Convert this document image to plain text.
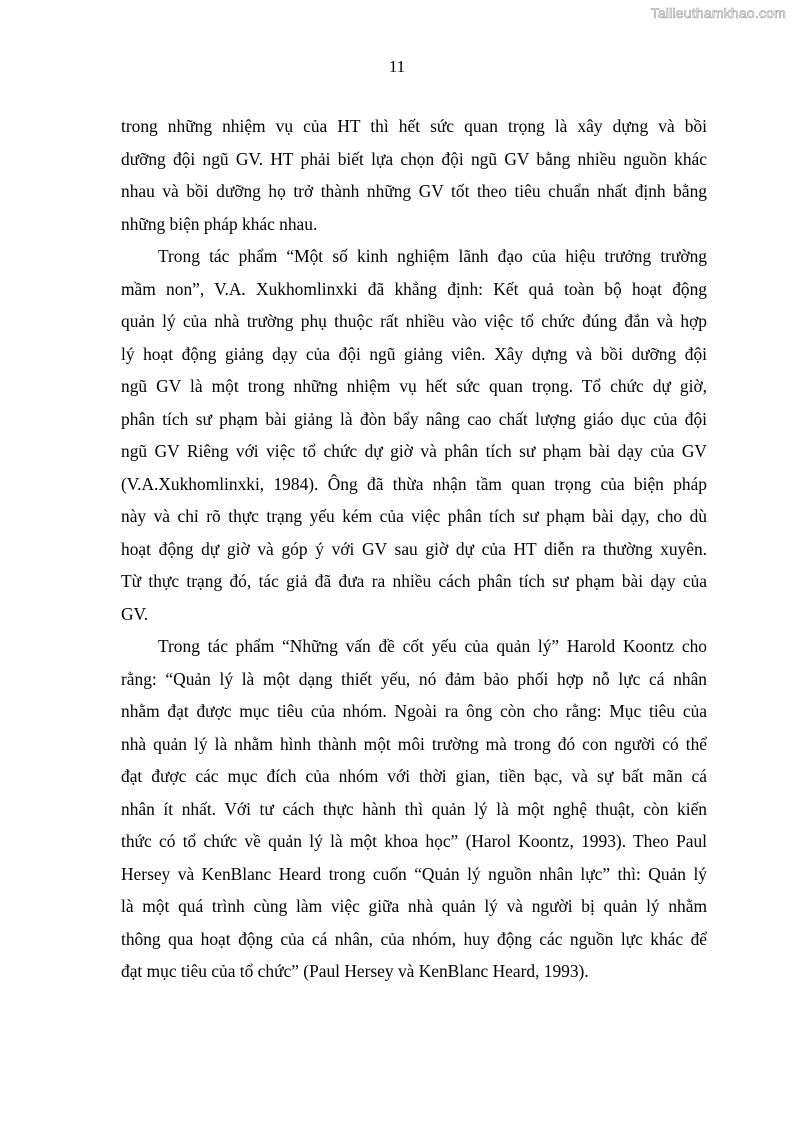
Tailieuthamkhao.com
11
trong những nhiệm vụ của HT thì hết sức quan trọng là xây dựng và bồi
dưỡng đội ngũ GV. HT phải biết lựa chọn đội ngũ GV bằng nhiều nguồn khác
nhau và bồi dưỡng họ trở thành những GV tốt theo tiêu chuẩn nhất định bằng
những biện pháp khác nhau.
Trong tác phẩm “Một số kinh nghiệm lãnh đạo của hiệu trưởng trường
mầm non”, V.A. Xukhomlinxki đã khẳng định: Kết quả toàn bộ hoạt động
quản lý của nhà trường phụ thuộc rất nhiều vào việc tổ chức đúng đắn và hợp
lý hoạt động giảng dạy của đội ngũ giảng viên. Xây dựng và bồi dưỡng đội
ngũ GV là một trong những nhiệm vụ hết sức quan trọng. Tổ chức dự giờ,
phân tích sư phạm bài giảng là đòn bẩy nâng cao chất lượng giáo dục của đội
ngũ GV Riêng với việc tổ chức dự giờ và phân tích sư phạm bài dạy của GV
(V.A.Xukhomlinxki, 1984). Ông đã thừa nhận tầm quan trọng của biện pháp
này và chỉ rõ thực trạng yếu kém của việc phân tích sư phạm bài dạy, cho dù
hoạt động dự giờ và góp ý với GV sau giờ dự của HT diễn ra thường xuyên.
Từ thực trạng đó, tác giả đã đưa ra nhiều cách phân tích sư phạm bài dạy của
GV.
Trong tác phẩm “Những vấn đề cốt yếu của quản lý” Harold Koontz cho
rằng: “Quản lý là một dạng thiết yếu, nó đảm bảo phối hợp nỗ lực cá nhân
nhằm đạt được mục tiêu của nhóm. Ngoài ra ông còn cho rằng: Mục tiêu của
nhà quản lý là nhằm hình thành một môi trường mà trong đó con người có thể
đạt được các mục đích của nhóm với thời gian, tiền bạc, và sự bất mãn cá
nhân ít nhất. Với tư cách thực hành thì quản lý là một nghệ thuật, còn kiến
thức có tổ chức về quản lý là một khoa học” (Harol Koontz, 1993). Theo Paul
Hersey và KenBlanc Heard trong cuốn “Quản lý nguồn nhân lực” thì: Quản lý
là một quá trình cùng làm việc giữa nhà quản lý và người bị quản lý nhằm
thông qua hoạt động của cá nhân, của nhóm, huy động các nguồn lực khác để
đạt mục tiêu của tổ chức” (Paul Hersey và KenBlanc Heard, 1993).
